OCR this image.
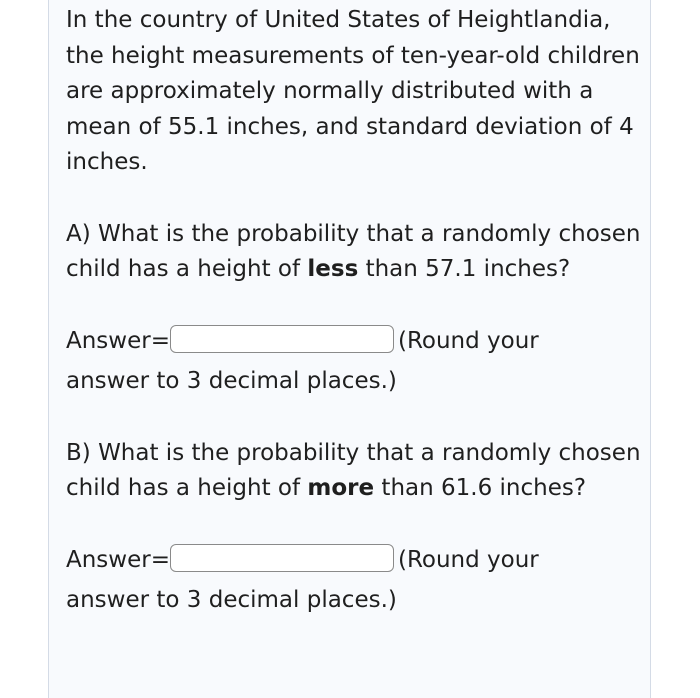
In the country of United States of Heightlandia, the height measurements of ten-year-old children are approximately normally distributed with a mean of 55.1 inches, and standard deviation of 4 inches.

A) What is the probability that a randomly chosen child has a height of less than 57.1 inches?

Answer=	(Round your

answer to 3 decimal places.)

B) What is the probability that a randomly chosen child has a height of more than 61.6 inches?

Answer=	(Round your

answer to 3 decimal places.)
